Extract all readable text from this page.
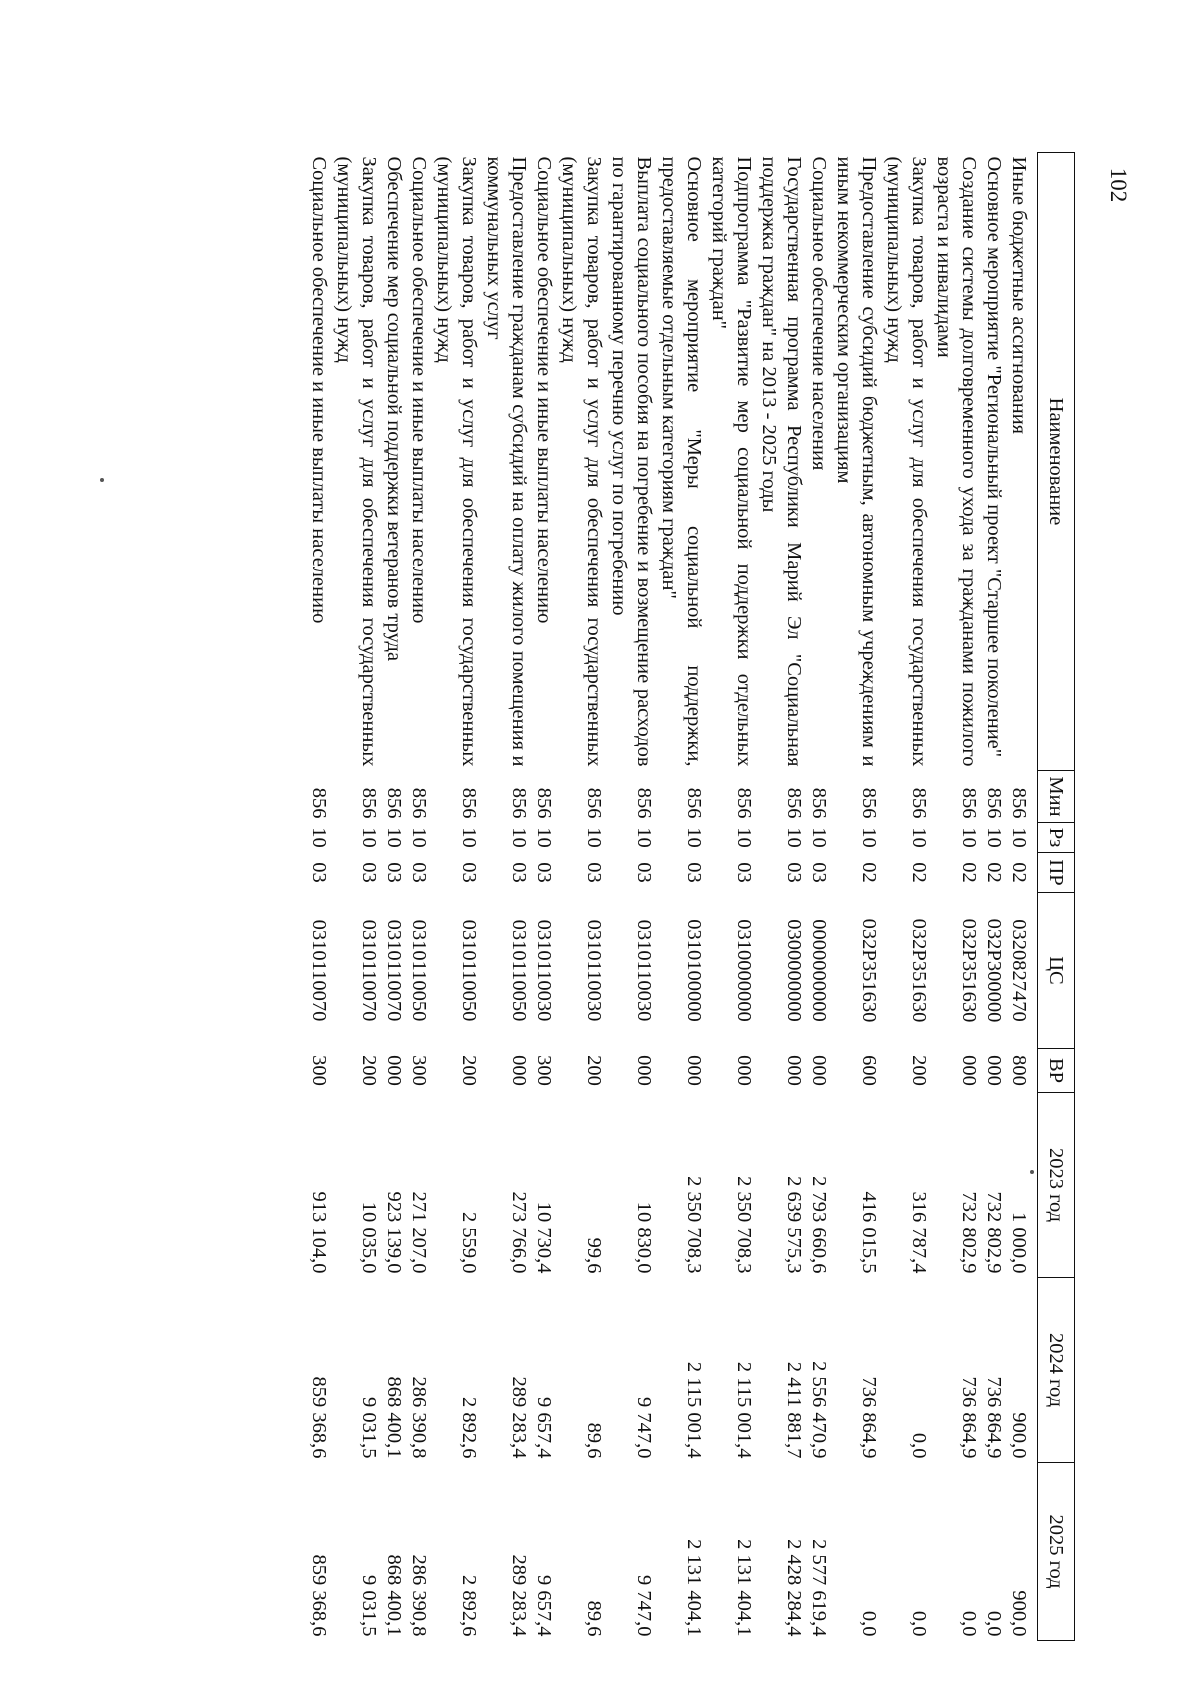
102
Наименование	Мин	Рз	ПР	ЦС	ВР	2023 год	2024 год	2025 год

Иные бюджетные ассигнования	856	10	02	0320827470	800	1 000,0	900,0	900,0
Основное мероприятие "Региональный проект "Старшее поколение"	856	10	02	032P300000	000	732 802,9	736 864,9	0,0
Создание системы долговременного ухода за гражданами пожилого возраста и инвалидами	856	10	02	032P351630	000	732 802,9	736 864,9	0,0
Закупка товаров, работ и услуг для обеспечения государственных (муниципальных) нужд	856	10	02	032P351630	200	316 787,4	0,0	0,0
Предоставление субсидий бюджетным, автономным учреждениям и иным некоммерческим организациям	856	10	02	032P351630	600	416 015,5	736 864,9	0,0
Социальное обеспечение населения	856	10	03	0000000000	000	2 793 660,6	2 556 470,9	2 577 619,4
Государственная программа Республики Марий Эл "Социальная поддержка граждан" на 2013 - 2025 годы	856	10	03	0300000000	000	2 639 575,3	2 411 881,7	2 428 284,4
Подпрограмма "Развитие мер социальной поддержки отдельных категорий граждан"	856	10	03	0310000000	000	2 350 708,3	2 115 001,4	2 131 404,1
Основное мероприятие "Меры социальной поддержки, предоставляемые отдельным категориям граждан"	856	10	03	0310100000	000	2 350 708,3	2 115 001,4	2 131 404,1
Выплата социального пособия на погребение и возмещение расходов по гарантированному перечню услуг по погребению	856	10	03	0310110030	000	10 830,0	9 747,0	9 747,0
Закупка товаров, работ и услуг для обеспечения государственных (муниципальных) нужд	856	10	03	0310110030	200	99,6	89,6	89,6
Социальное обеспечение и иные выплаты населению	856	10	03	0310110030	300	10 730,4	9 657,4	9 657,4
Предоставление гражданам субсидий на оплату жилого помещения и коммунальных услуг	856	10	03	0310110050	000	273 766,0	289 283,4	289 283,4
Закупка товаров, работ и услуг для обеспечения государственных (муниципальных) нужд	856	10	03	0310110050	200	2 559,0	2 892,6	2 892,6
Социальное обеспечение и иные выплаты населению	856	10	03	0310110050	300	271 207,0	286 390,8	286 390,8
Обеспечение мер социальной поддержки ветеранов труда	856	10	03	0310110070	000	923 139,0	868 400,1	868 400,1
Закупка товаров, работ и услуг для обеспечения государственных (муниципальных) нужд	856	10	03	0310110070	200	10 035,0	9 031,5	9 031,5
Социальное обеспечение и иные выплаты населению	856	10	03	0310110070	300	913 104,0	859 368,6	859 368,6
